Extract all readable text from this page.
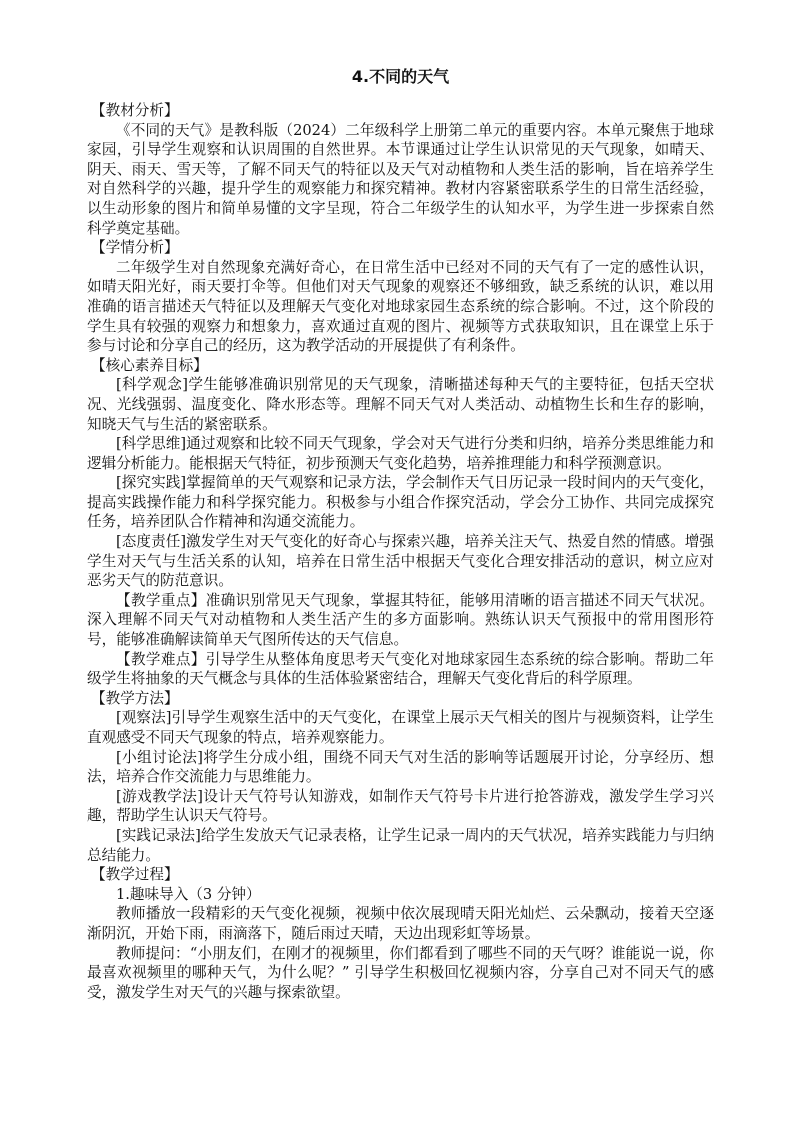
4.不同的天气

【教材分析】

《不同的天气》是教科版（2024）二年级科学上册第二单元的重要内容。本单元聚焦于地球家园，引导学生观察和认识周围的自然世界。本节课通过让学生认识常见的天气现象，如晴天、阴天、雨天、雪天等，了解不同天气的特征以及天气对动植物和人类生活的影响，旨在培养学生对自然科学的兴趣，提升学生的观察能力和探究精神。教材内容紧密联系学生的日常生活经验，以生动形象的图片和简单易懂的文字呈现，符合二年级学生的认知水平，为学生进一步探索自然科学奠定基础。

【学情分析】

二年级学生对自然现象充满好奇心，在日常生活中已经对不同的天气有了一定的感性认识，如晴天阳光好，雨天要打伞等。但他们对天气现象的观察还不够细致，缺乏系统的认识，难以用准确的语言描述天气特征以及理解天气变化对地球家园生态系统的综合影响。不过，这个阶段的学生具有较强的观察力和想象力，喜欢通过直观的图片、视频等方式获取知识，且在课堂上乐于参与讨论和分享自己的经历，这为教学活动的开展提供了有利条件。

【核心素养目标】

[科学观念]学生能够准确识别常见的天气现象，清晰描述每种天气的主要特征，包括天空状况、光线强弱、温度变化、降水形态等。理解不同天气对人类活动、动植物生长和生存的影响，知晓天气与生活的紧密联系。

[科学思维]通过观察和比较不同天气现象，学会对天气进行分类和归纳，培养分类思维能力和逻辑分析能力。能根据天气特征，初步预测天气变化趋势，培养推理能力和科学预测意识。

[探究实践]掌握简单的天气观察和记录方法，学会制作天气日历记录一段时间内的天气变化，提高实践操作能力和科学探究能力。积极参与小组合作探究活动，学会分工协作、共同完成探究任务，培养团队合作精神和沟通交流能力。

[态度责任]激发学生对天气变化的好奇心与探索兴趣，培养关注天气、热爱自然的情感。增强学生对天气与生活关系的认知，培养在日常生活中根据天气变化合理安排活动的意识，树立应对恶劣天气的防范意识。

【教学重点】准确识别常见天气现象，掌握其特征，能够用清晰的语言描述不同天气状况。深入理解不同天气对动植物和人类生活产生的多方面影响。熟练认识天气预报中的常用图形符号，能够准确解读简单天气图所传达的天气信息。

【教学难点】引导学生从整体角度思考天气变化对地球家园生态系统的综合影响。帮助二年级学生将抽象的天气概念与具体的生活体验紧密结合，理解天气变化背后的科学原理。

【教学方法】

[观察法]引导学生观察生活中的天气变化，在课堂上展示天气相关的图片与视频资料，让学生直观感受不同天气现象的特点，培养观察能力。

[小组讨论法]将学生分成小组，围绕不同天气对生活的影响等话题展开讨论，分享经历、想法，培养合作交流能力与思维能力。

[游戏教学法]设计天气符号认知游戏，如制作天气符号卡片进行抢答游戏，激发学生学习兴趣，帮助学生认识天气符号。

[实践记录法]给学生发放天气记录表格，让学生记录一周内的天气状况，培养实践能力与归纳总结能力。

【教学过程】

1.趣味导入（3 分钟）

教师播放一段精彩的天气变化视频，视频中依次展现晴天阳光灿烂、云朵飘动，接着天空逐渐阴沉，开始下雨，雨滴落下，随后雨过天晴，天边出现彩虹等场景。

教师提问：“小朋友们，在刚才的视频里，你们都看到了哪些不同的天气呀？谁能说一说，你最喜欢视频里的哪种天气，为什么呢？” 引导学生积极回忆视频内容，分享自己对不同天气的感受，激发学生对天气的兴趣与探索欲望。
